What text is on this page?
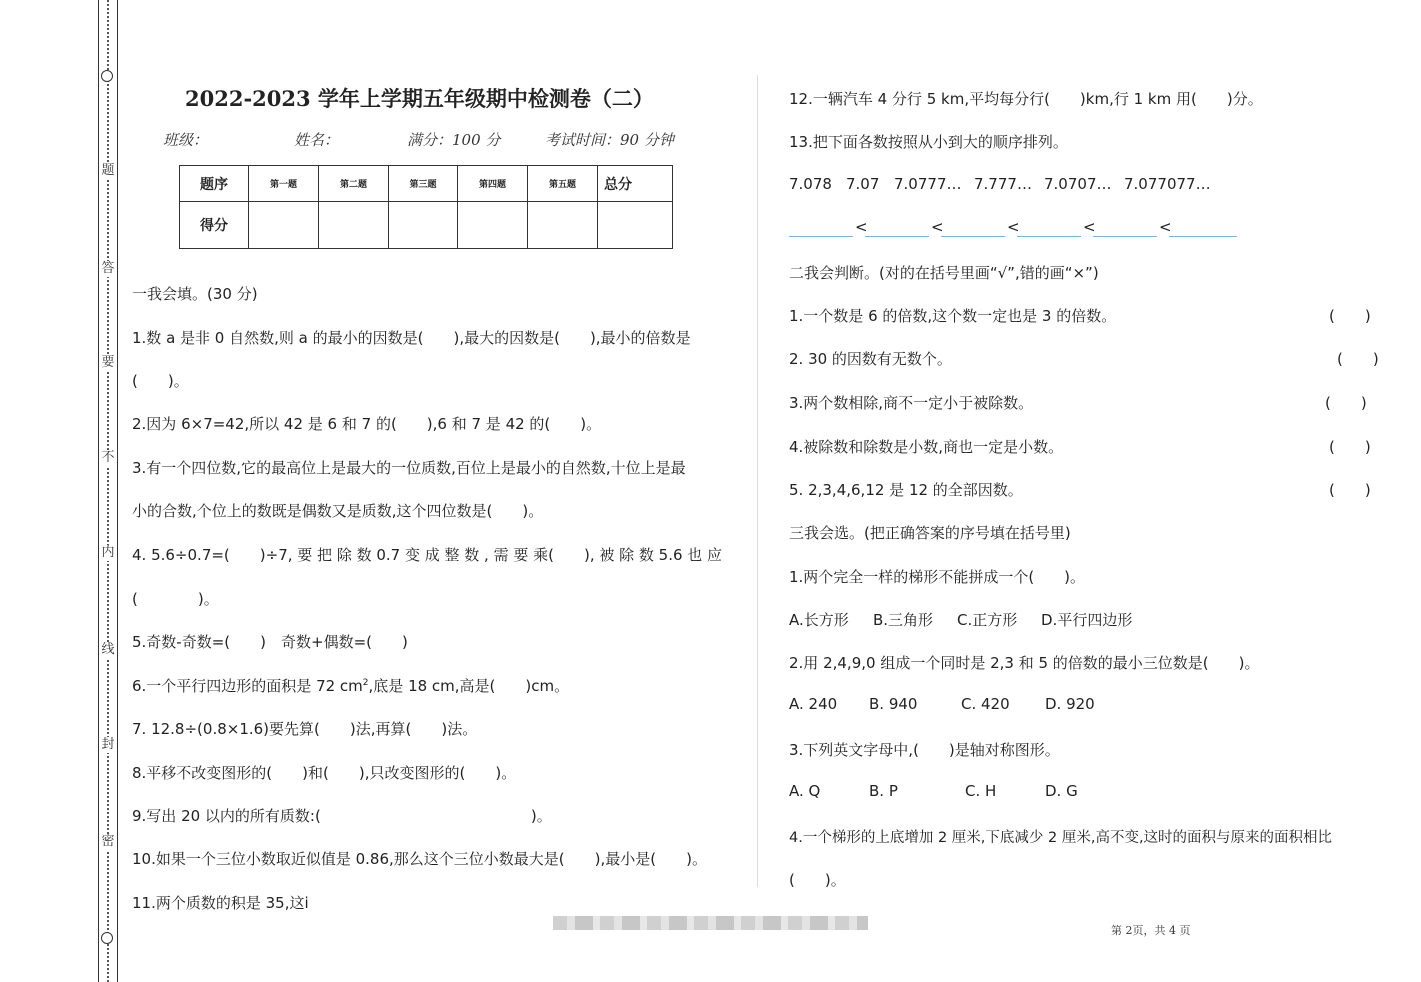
题
答
要
不
内
线
封
密
2022-2023 学年上学期五年级期中检测卷（二）
班级：	姓名：	满分：100 分	考试时间：90 分钟
题序	第一题	第二题	第三题	第四题	第五题	总分
得分						
一我会填。(30 分)
1.数 a 是非 0 自然数,则 a 的最小的因数是(　　),最大的因数是(　　),最小的倍数是
(　　)。
2.因为 6×7=42,所以 42 是 6 和 7 的(　　),6 和 7 是 42 的(　　)。
3.有一个四位数,它的最高位上是最大的一位质数,百位上是最小的自然数,十位上是最
小的合数,个位上的数既是偶数又是质数,这个四位数是(　　)。
4. 5.6÷0.7=(　　)÷7, 要 把 除 数 0.7 变 成 整 数 , 需 要 乘(　　), 被 除 数 5.6 也 应
(　　　　)。
5.奇数-奇数=(　　)　奇数+偶数=(　　)
6.一个平行四边形的面积是 72 $cm^2$,底是 18 cm,高是(　　)cm。
7. 12.8÷(0.8×1.6)要先算(　　)法,再算(　　)法。
8.平移不改变图形的(　　)和(　　),只改变图形的(　　)。
9.写出 20 以内的所有质数:(　　　　　　　　　　　　　　)。
10.如果一个三位小数取近似值是 0.86,那么这个三位小数最大是(　　),最小是(　　)。
11.两个质数的积是 35,这i
12.一辆汽车 4 分行 5 km,平均每分行(　　)km,行 1 km 用(　　)分。
13.把下面各数按照从小到大的顺序排列。
7.078 7.07 7.0777… 7.777… 7.0707… 7.077077…
<	<	<	<	<
二我会判断。(对的在括号里画“√”,错的画“×”)
1.一个数是 6 的倍数,这个数一定也是 3 的倍数。	(　　)
2. 30 的因数有无数个。	(　　)
3.两个数相除,商不一定小于被除数。	(　　)
4.被除数和除数是小数,商也一定是小数。	(　　)
5. 2,3,4,6,12 是 12 的全部因数。	(　　)
三我会选。(把正确答案的序号填在括号里)
1.两个完全一样的梯形不能拼成一个(　　)。
A.长方形 B.三角形 C.正方形 D.平行四边形
2.用 2,4,9,0 组成一个同时是 2,3 和 5 的倍数的最小三位数是(　　)。
A. 240 B. 940	C. 420 D. 920
3.下列英文字母中,(　　)是轴对称图形。
A. Q	B. P	C. H	D. G
4.一个梯形的上底增加 2 厘米,下底减少 2 厘米,高不变,这时的面积与原来的面积相比
(　　)。
第 2页，共 4 页
